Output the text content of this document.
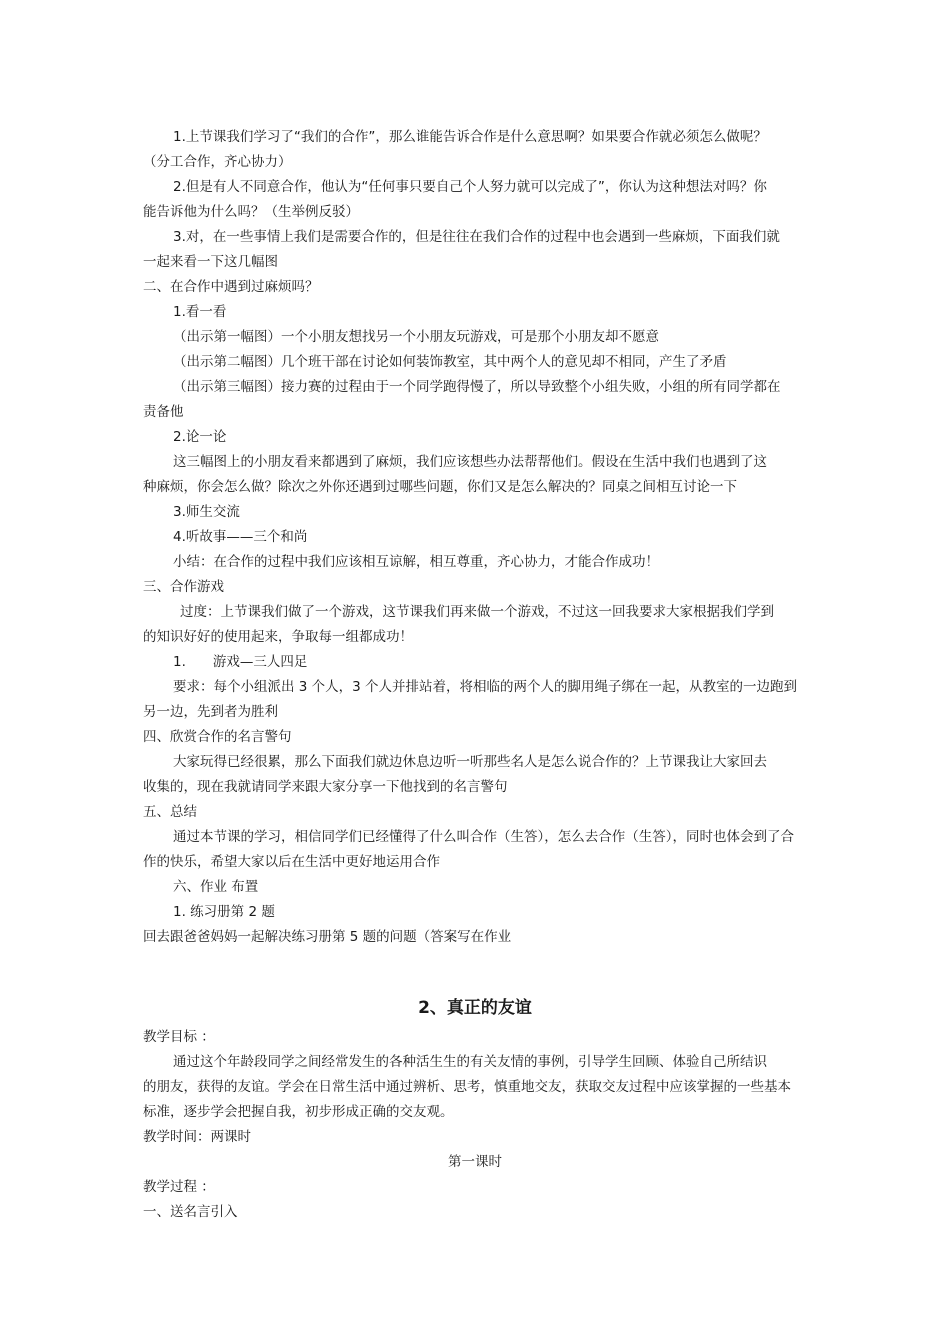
1.上节课我们学习了“我们的合作”，那么谁能告诉合作是什么意思啊？如果要合作就必须怎么做呢？
（分工合作，齐心协力）
2.但是有人不同意合作，他认为“任何事只要自己个人努力就可以完成了”，你认为这种想法对吗？你
能告诉他为什么吗？（生举例反驳）
3.对，在一些事情上我们是需要合作的，但是往往在我们合作的过程中也会遇到一些麻烦，下面我们就
一起来看一下这几幅图
二、在合作中遇到过麻烦吗？
1.看一看
（出示第一幅图）一个小朋友想找另一个小朋友玩游戏，可是那个小朋友却不愿意
（出示第二幅图）几个班干部在讨论如何装饰教室，其中两个人的意见却不相同，产生了矛盾
（出示第三幅图）接力赛的过程由于一个同学跑得慢了，所以导致整个小组失败，小组的所有同学都在
责备他
2.论一论
这三幅图上的小朋友看来都遇到了麻烦，我们应该想些办法帮帮他们。假设在生活中我们也遇到了这
种麻烦，你会怎么做？除次之外你还遇到过哪些问题，你们又是怎么解决的？同桌之间相互讨论一下
3.师生交流
4.听故事——三个和尚
小结：在合作的过程中我们应该相互谅解，相互尊重，齐心协力，才能合作成功！
三、合作游戏
过度：上节课我们做了一个游戏，这节课我们再来做一个游戏，不过这一回我要求大家根据我们学到
的知识好好的使用起来，争取每一组都成功！
1.　　游戏—三人四足
要求：每个小组派出 3 个人，3 个人并排站着，将相临的两个人的脚用绳子绑在一起，从教室的一边跑到
另一边，先到者为胜利
四、欣赏合作的名言警句
大家玩得已经很累，那么下面我们就边休息边听一听那些名人是怎么说合作的？上节课我让大家回去
收集的，现在我就请同学来跟大家分享一下他找到的名言警句
五、总结
通过本节课的学习，相信同学们已经懂得了什么叫合作（生答），怎么去合作（生答），同时也体会到了合
作的快乐，希望大家以后在生活中更好地运用合作
六、作业 布置
1. 练习册第 2 题
回去跟爸爸妈妈一起解决练习册第 5 题的问题（答案写在作业
2、真正的友谊
教学目标 ：
通过这个年龄段同学之间经常发生的各种活生生的有关友情的事例，引导学生回顾、体验自己所结识
的朋友，获得的友谊。学会在日常生活中通过辨析、思考，慎重地交友，获取交友过程中应该掌握的一些基本
标准，逐步学会把握自我，初步形成正确的交友观。
教学时间：两课时
第一课时
教学过程 ：
一、送名言引入
